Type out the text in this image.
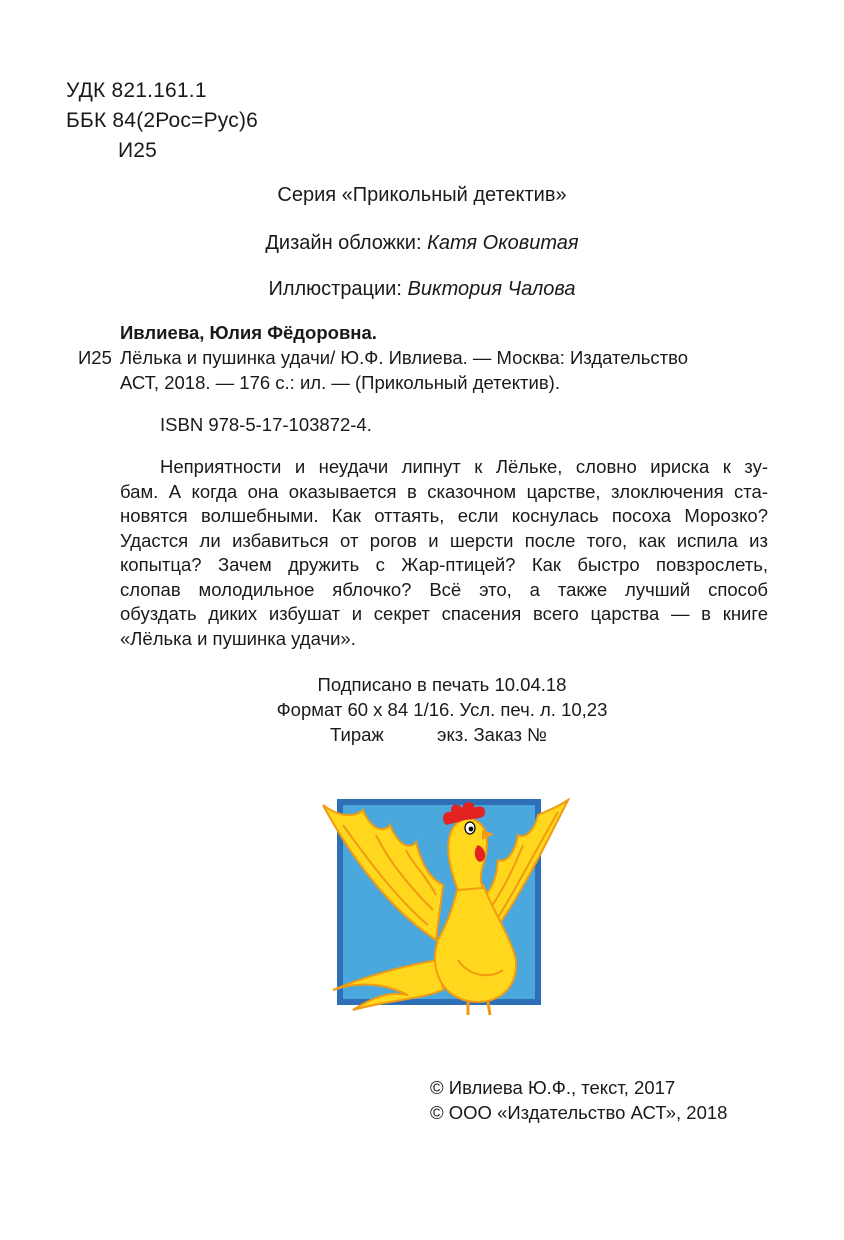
УДК 821.161.1
ББК 84(2Рос=Рус)6
И25
Серия «Прикольный детектив»
Дизайн обложки: Катя Оковитая
Иллюстрации: Виктория Чалова
Ивлиева, Юлия Фёдоровна.
И25 Лёлька и пушинка удачи/ Ю.Ф. Ивлиева. — Москва: Издательство
АСТ, 2018. — 176 с.: ил. — (Прикольный детектив).
ISBN 978-5-17-103872-4.
Неприятности и неудачи липнут к Лёльке, словно ириска к зу-
бам. А когда она оказывается в сказочном царстве, злоключения ста-
новятся волшебными. Как оттаять, если коснулась посоха Морозко?
Удастся ли избавиться от рогов и шерсти после того, как испила из
копытца? Зачем дружить с Жар-птицей? Как быстро повзрослеть,
слопав молодильное яблочко? Всё это, а также лучший способ
обуздать диких избушат и секрет спасения всего царства — в книге
«Лёлька и пушинка удачи».
Подписано в печать 10.04.18
Формат 60 x 84 1/16. Усл. печ. л. 10,23
Тираж	экз. Заказ №
© Ивлиева Ю.Ф., текст, 2017
© ООО «Издательство АСТ», 2018
